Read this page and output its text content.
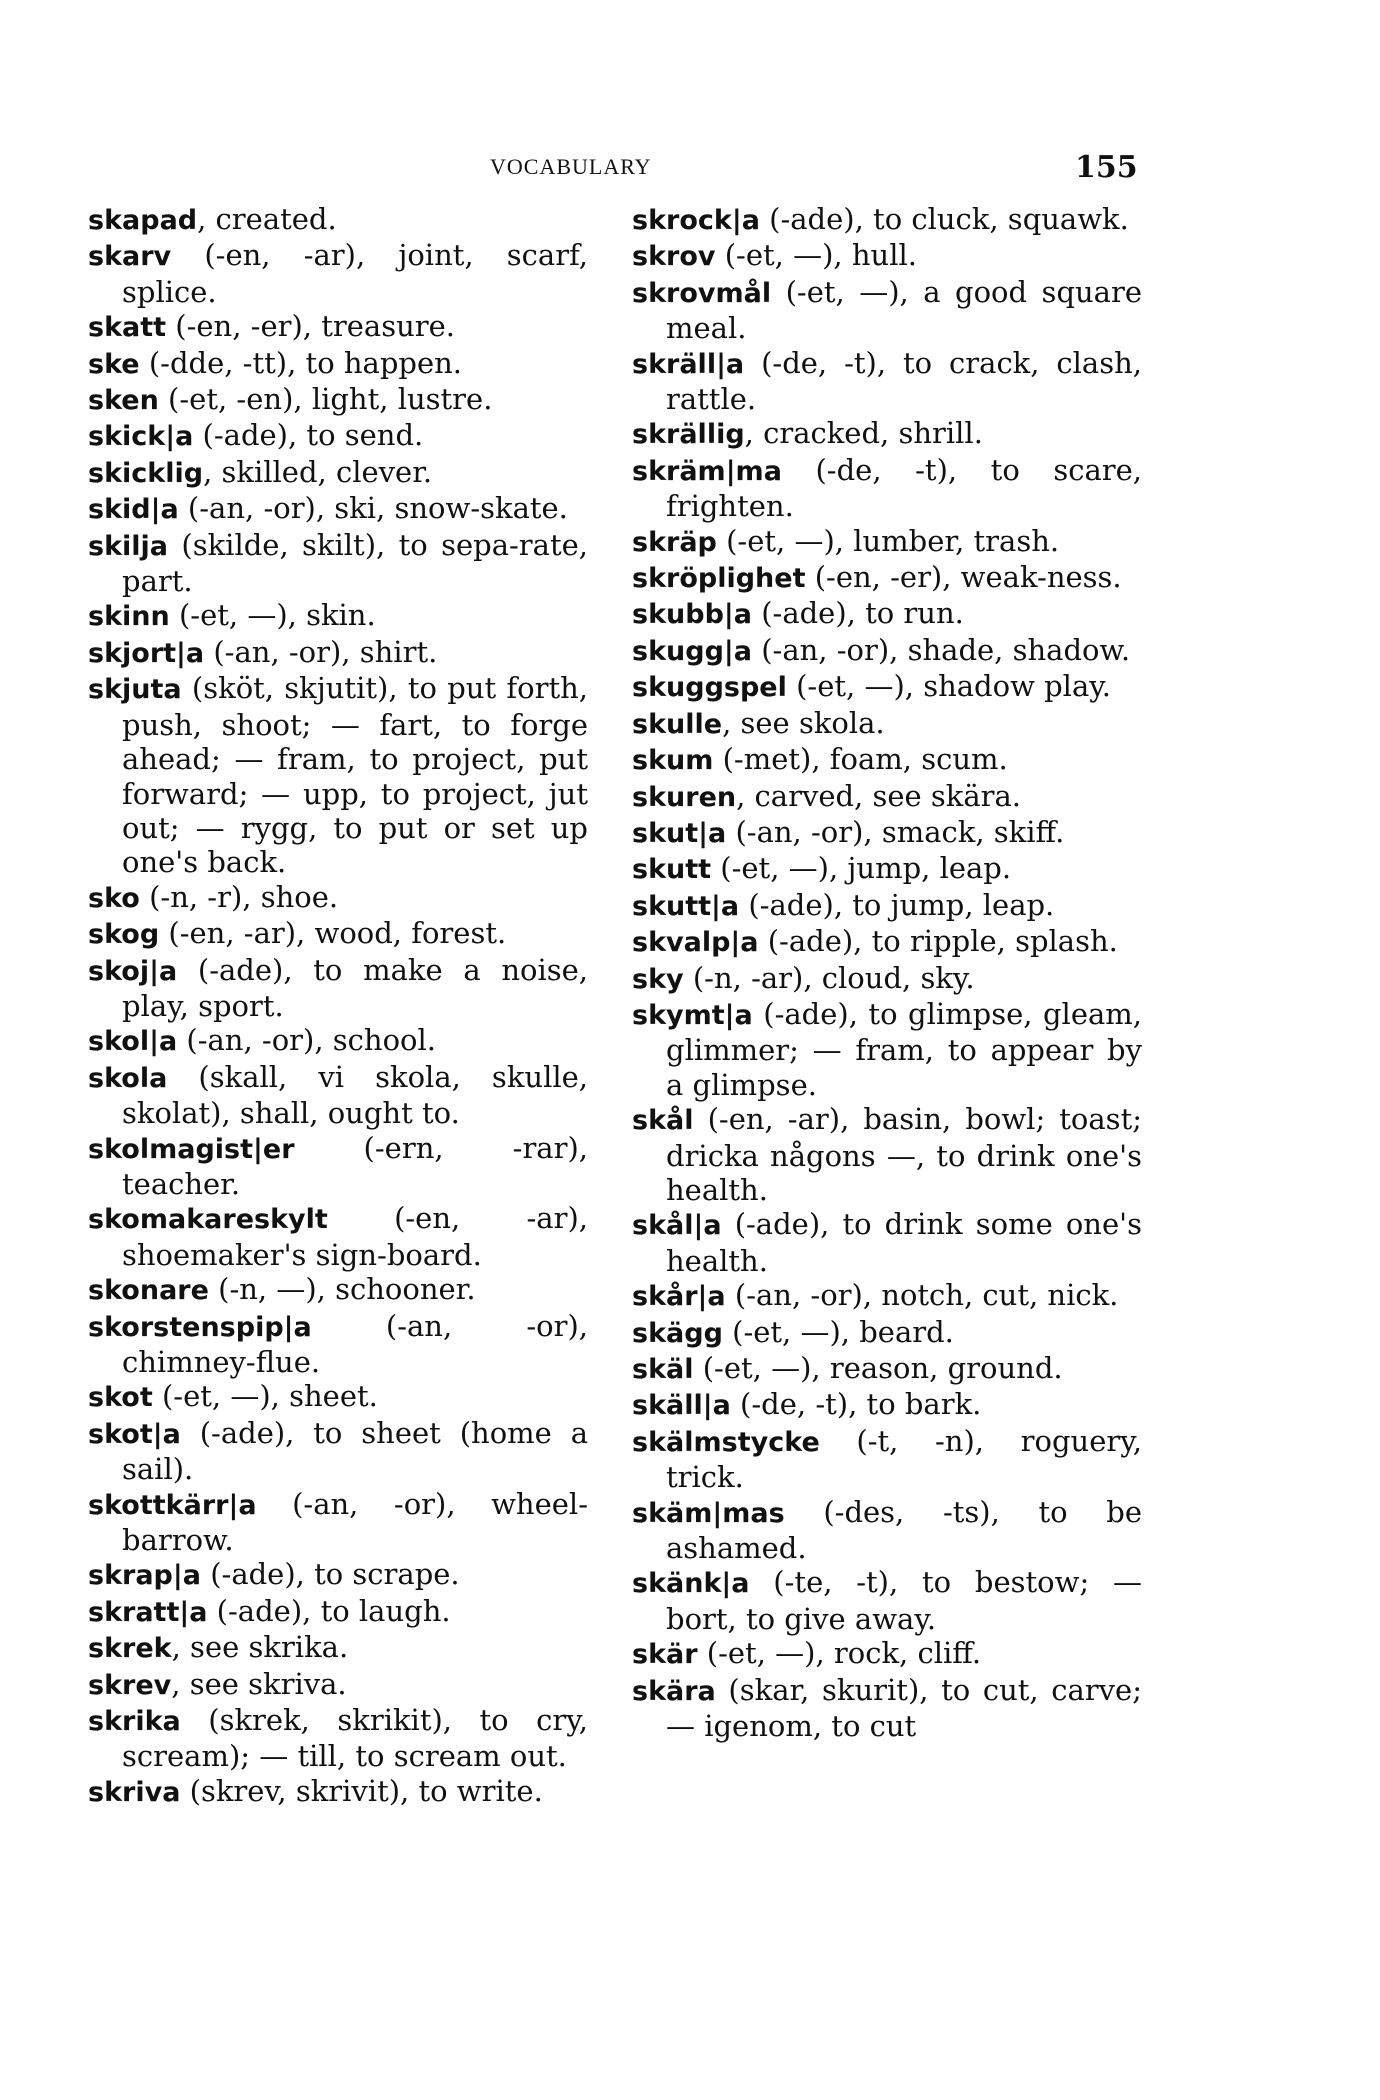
VOCABULARY	155
skapad, created.
skarv (-en, -ar), joint, scarf, splice.
skatt (-en, -er), treasure.
ske (-dde, -tt), to happen.
sken (-et, -en), light, lustre.
skick|a (-ade), to send.
skicklig, skilled, clever.
skid|a (-an, -or), ski, snow-skate.
skilja (skilde, skilt), to sepa-rate, part.
skinn (-et, —), skin.
skjort|a (-an, -or), shirt.
skjuta (sköt, skjutit), to put forth, push, shoot; — fart, to forge ahead; — fram, to project, put forward; — upp, to project, jut out; — rygg, to put or set up one's back.
sko (-n, -r), shoe.
skog (-en, -ar), wood, forest.
skoj|a (-ade), to make a noise, play, sport.
skol|a (-an, -or), school.
skola (skall, vi skola, skulle, skolat), shall, ought to.
skolmagist|er (-ern, -rar), teacher.
skomakareskylt (-en, -ar), shoemaker's sign-board.
skonare (-n, —), schooner.
skorstenspip|a (-an, -or), chimney-flue.
skot (-et, —), sheet.
skot|a (-ade), to sheet (home a sail).
skottkärr|a (-an, -or), wheel-barrow.
skrap|a (-ade), to scrape.
skratt|a (-ade), to laugh.
skrek, see skrika.
skrev, see skriva.
skrika (skrek, skrikit), to cry, scream); — till, to scream out.
skriva (skrev, skrivit), to write.
skrock|a (-ade), to cluck, squawk.
skrov (-et, —), hull.
skrovmål (-et, —), a good square meal.
skräll|a (-de, -t), to crack, clash, rattle.
skrällig, cracked, shrill.
skräm|ma (-de, -t), to scare, frighten.
skräp (-et, —), lumber, trash.
skröplighet (-en, -er), weak-ness.
skubb|a (-ade), to run.
skugg|a (-an, -or), shade, shadow.
skuggspel (-et, —), shadow play.
skulle, see skola.
skum (-met), foam, scum.
skuren, carved, see skära.
skut|a (-an, -or), smack, skiff.
skutt (-et, —), jump, leap.
skutt|a (-ade), to jump, leap.
skvalp|a (-ade), to ripple, splash.
sky (-n, -ar), cloud, sky.
skymt|a (-ade), to glimpse, gleam, glimmer; — fram, to appear by a glimpse.
skål (-en, -ar), basin, bowl; toast; dricka någons —, to drink one's health.
skål|a (-ade), to drink some one's health.
skår|a (-an, -or), notch, cut, nick.
skägg (-et, —), beard.
skäl (-et, —), reason, ground.
skäll|a (-de, -t), to bark.
skälmstycke (-t, -n), roguery, trick.
skäm|mas (-des, -ts), to be ashamed.
skänk|a (-te, -t), to bestow; — bort, to give away.
skär (-et, —), rock, cliff.
skära (skar, skurit), to cut, carve; — igenom, to cut
